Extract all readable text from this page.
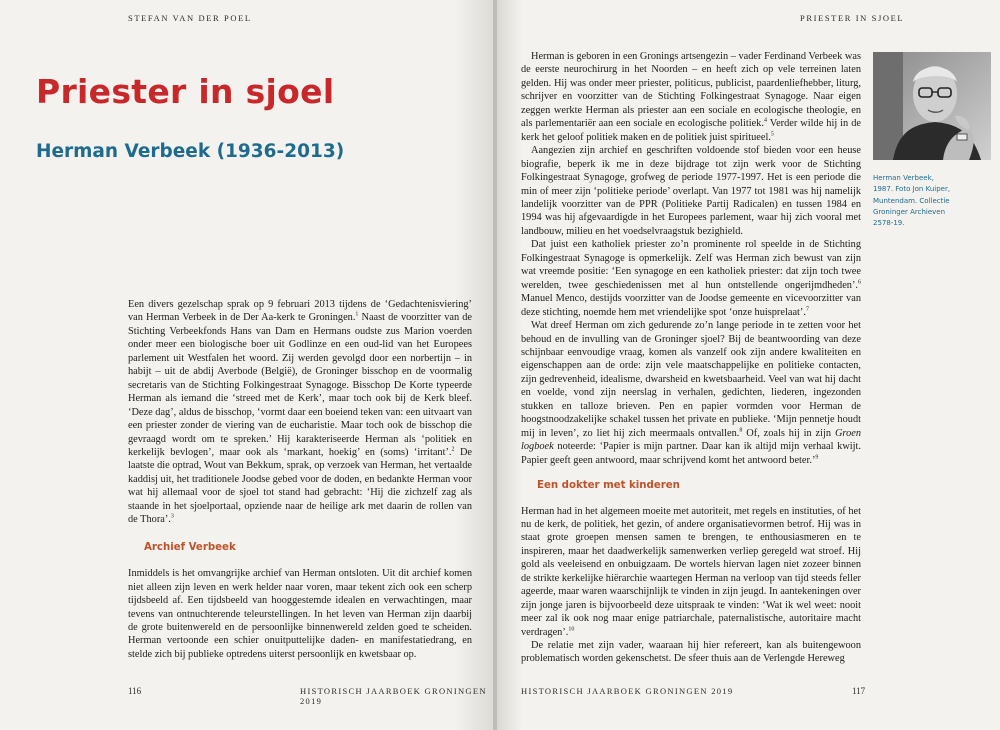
STEFAN VAN DER POEL
Priester in sjoel
Herman Verbeek (1936-2013)

Een divers gezelschap sprak op 9 februari 2013 tijdens de ‘Gedachtenisviering’ van Herman Verbeek in de Der Aa-kerk te Groningen.$^1$ Naast de voorzitter van de Stichting Verbeekfonds Hans van Dam en Hermans oudste zus Marion voerden onder meer een biologische boer uit Godlinze en een oud-lid van het Europees parlement uit Westfalen het woord. Zij werden gevolgd door een norbertijn – in habijt – uit de abdij Averbode (België), de Groninger bisschop en de voormalig secretaris van de Stichting Folkingestraat Synagoge. Bisschop De Korte typeerde Herman als iemand die ‘streed met de Kerk’, maar toch ook bij de Kerk bleef. ‘Deze dag’, aldus de bisschop, ‘vormt daar een boeiend teken van: een uitvaart van een priester zonder de viering van de eucharistie. Maar toch ook de bisschop die gevraagd wordt om te spreken.’ Hij karakteriseerde Herman als ‘politiek en kerkelijk bevlogen’, maar ook als ‘markant, hoekig’ en (soms) ‘irritant’.$^2$ De laatste die optrad, Wout van Bekkum, sprak, op verzoek van Herman, het vertaalde kaddisj uit, het traditionele Joodse gebed voor de doden, en bedankte Herman voor wat hij allemaal voor de sjoel tot stand had gebracht: ‘Hij die zichzelf zag als staande in het sjoelportaal, opziende naar de heilige ark met daarin de rollen van de Thora’.$^3$

Archief Verbeek

Inmiddels is het omvangrijke archief van Herman ontsloten. Uit dit archief komen niet alleen zijn leven en werk helder naar voren, maar tekent zich ook een scherp tijdsbeeld af. Een tijdsbeeld van hooggestemde idealen en verwachtingen, maar tevens van ontnuchterende teleurstellingen. In het leven van Herman zijn daarbij de grote buitenwereld en de persoonlijke binnenwereld zelden goed te scheiden. Herman vertoonde een schier onuitputtelijke daden- en manifestatiedrang, en stelde zich bij publieke optredens uiterst persoonlijk en kwetsbaar op.

116	HISTORISCH JAARBOEK GRONINGEN 2019
PRIESTER IN SJOEL

Herman is geboren in een Gronings artsengezin – vader Ferdinand Verbeek was de eerste neurochirurg in het Noorden – en heeft zich op vele terreinen laten gelden. Hij was onder meer priester, politicus, publicist, paardenliefhebber, liturg, schrijver en voorzitter van de Stichting Folkingestraat Synagoge. Naar eigen zeggen werkte Herman als priester aan een sociale en ecologische theologie, en als parlementariër aan een sociale en ecologische politiek.$^4$ Verder wilde hij in de kerk het geloof politiek maken en de politiek juist spiritueel.$^5$

Aangezien zijn archief en geschriften voldoende stof bieden voor een heuse biografie, beperk ik me in deze bijdrage tot zijn werk voor de Stichting Folkingestraat Synagoge, grofweg de periode 1977-1997. Het is een periode die min of meer zijn ‘politieke periode’ overlapt. Van 1977 tot 1981 was hij namelijk landelijk voorzitter van de PPR (Politieke Partij Radicalen) en tussen 1984 en 1994 was hij afgevaardigde in het Europees parlement, waar hij zich vooral met landbouw, milieu en het voedselvraagstuk bezighield.

Dat juist een katholiek priester zo’n prominente rol speelde in de Stichting Folkingestraat Synagoge is opmerkelijk. Zelf was Herman zich bewust van zijn wat vreemde positie: ‘Een synagoge en een katholiek priester: dat zijn toch twee werelden, twee geschiedenissen met al hun ontstellende ongerijmdheden’.$^6$ Manuel Menco, destijds voorzitter van de Joodse gemeente en vicevoorzitter van deze stichting, noemde hem met vriendelijke spot ‘onze huisprelaat’.$^7$

Wat dreef Herman om zich gedurende zo’n lange periode in te zetten voor het behoud en de invulling van de Groninger sjoel? Bij de beantwoording van deze schijnbaar eenvoudige vraag, komen als vanzelf ook zijn andere kwaliteiten en eigenschappen aan de orde: zijn vele maatschappelijke en politieke contacten, zijn gedrevenheid, idealisme, dwarsheid en kwetsbaarheid. Veel van wat hij dacht en voelde, vond zijn neerslag in verhalen, gedichten, liederen, ingezonden stukken en talloze brieven. Pen en papier vormden voor Herman de hoogstnoodzakelijke schakel tussen het private en publieke. ‘Mijn pennetje houdt mij in leven’, zo liet hij zich meermaals ontvallen.$^8$ Of, zoals hij in zijn Groen logboek noteerde: ‘Papier is mijn partner. Daar kan ik altijd mijn verhaal kwijt. Papier geeft geen antwoord, maar schrijvend komt het antwoord beter.’$^9$

Een dokter met kinderen

Herman had in het algemeen moeite met autoriteit, met regels en instituties, of het nu de kerk, de politiek, het gezin, of andere organisatievormen betrof. Hij was in staat grote groepen mensen samen te brengen, te enthousiasmeren en te inspireren, maar het daadwerkelijk samenwerken verliep geregeld wat stroef. Hij gold als veeleisend en onbuigzaam. De wortels hiervan lagen niet zozeer binnen de strikte kerkelijke hiërarchie waartegen Herman na verloop van tijd steeds feller ageerde, maar waren waarschijnlijk te vinden in zijn jeugd. In aantekeningen over zijn jonge jaren is bijvoorbeeld deze uitspraak te vinden: ‘Wat ik wel weet: nooit meer zal ik ook nog maar enige patriarchale, paternalistische, autoritaire macht verdragen’.$^{10}$

De relatie met zijn vader, waaraan hij hier refereert, kan als buitengewoon problematisch worden gekenschetst. De sfeer thuis aan de Verlengde Hereweg

Herman Verbeek,
1987. Foto Jon Kuiper,
Muntendam. Collectie
Groninger Archieven
2578-19.
HISTORISCH JAARBOEK GRONINGEN 2019	117
